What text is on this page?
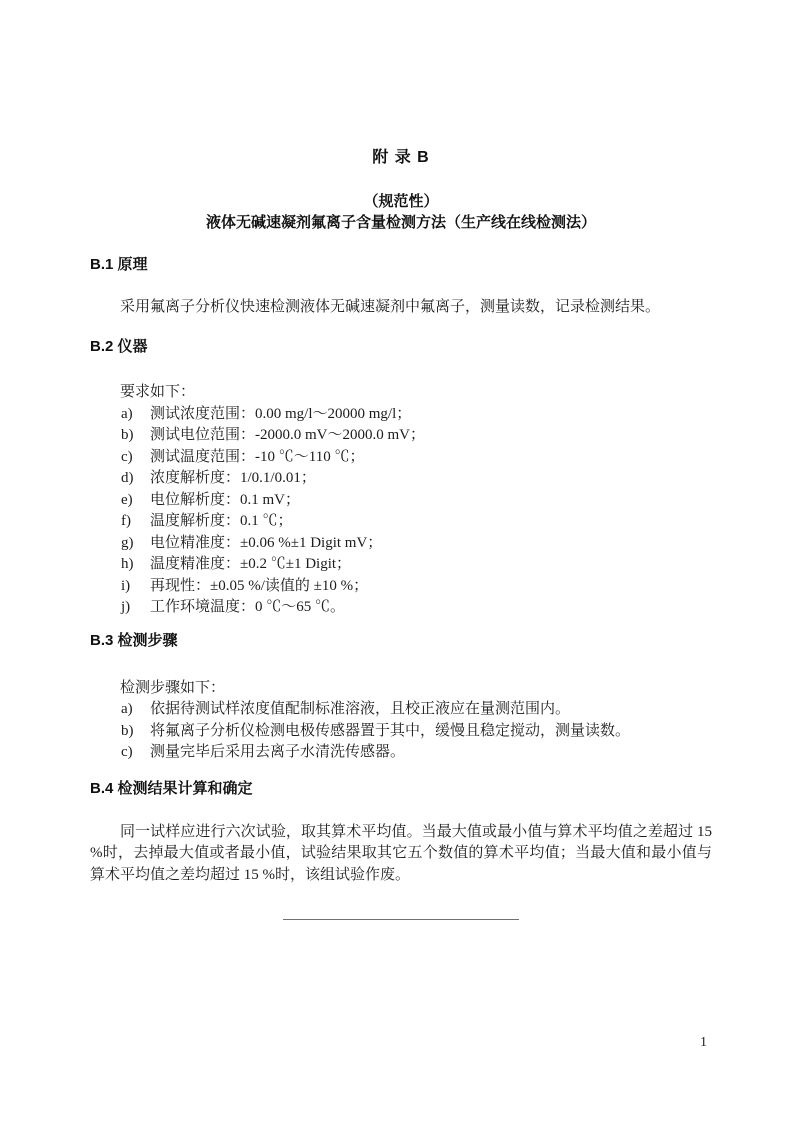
附 录 B
（规范性）
液体无碱速凝剂氟离子含量检测方法（生产线在线检测法）
B.1 原理

采用氟离子分析仪快速检测液体无碱速凝剂中氟离子，测量读数，记录检测结果。

B.2 仪器

要求如下：

a) 测试浓度范围：0.00 mg/l～20000 mg/l；
b) 测试电位范围：-2000.0 mV～2000.0 mV；
c) 测试温度范围：-10 ℃～110 ℃；
d) 浓度解析度：1/0.1/0.01；
e) 电位解析度：0.1 mV；
f) 温度解析度：0.1 ℃；
g) 电位精准度：±0.06 %±1 Digit mV；
h) 温度精准度：±0.2 ℃±1 Digit；
i) 再现性：±0.05 %/读值的 ±10 %；
j) 工作环境温度：0 ℃～65 ℃。
B.3 检测步骤

检测步骤如下：

a) 依据待测试样浓度值配制标准溶液，且校正液应在量测范围内。
b) 将氟离子分析仪检测电极传感器置于其中，缓慢且稳定搅动，测量读数。
c) 测量完毕后采用去离子水清洗传感器。
B.4 检测结果计算和确定

同一试样应进行六次试验，取其算术平均值。当最大值或最小值与算术平均值之差超过 15 %时，去掉最大值或者最小值，试验结果取其它五个数值的算术平均值；当最大值和最小值与算术平均值之差均超过 15 %时，该组试验作废。

1
